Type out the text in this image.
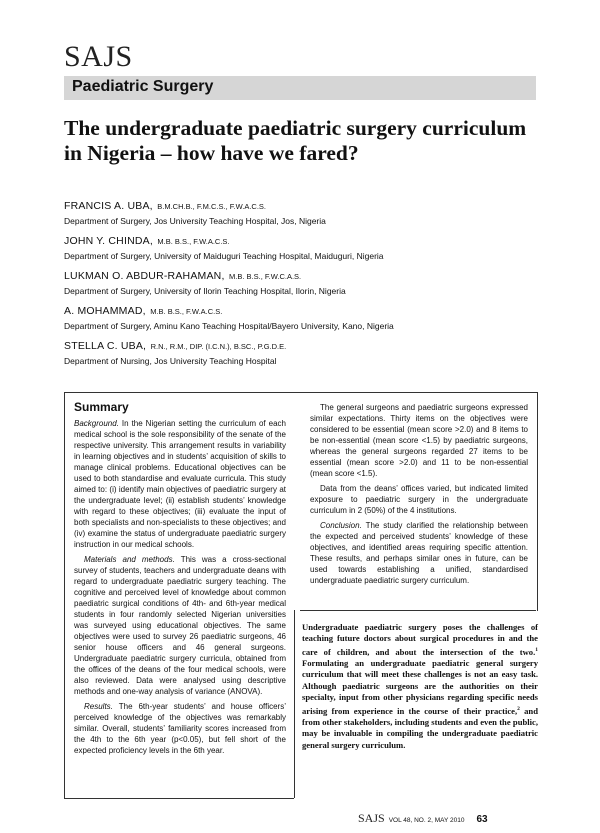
SAJS
Paediatric Surgery
The undergraduate paediatric surgery curriculum in Nigeria – how have we fared?
FRANCIS A. UBA, B.M.CH.B., F.M.C.S., F.W.A.C.S.
Department of Surgery, Jos University Teaching Hospital, Jos, Nigeria
JOHN Y. CHINDA, M.B. B.S., F.W.A.C.S.
Department of Surgery, University of Maiduguri Teaching Hospital, Maiduguri, Nigeria
LUKMAN O. ABDUR-RAHAMAN, M.B. B.S., F.W.C.A.S.
Department of Surgery, University of Ilorin Teaching Hospital, Ilorin, Nigeria
A. MOHAMMAD, M.B. B.S., F.W.A.C.S.
Department of Surgery, Aminu Kano Teaching Hospital/Bayero University, Kano, Nigeria
STELLA C. UBA, R.N., R.M., DIP. (I.C.N.), B.SC., P.G.D.E.
Department of Nursing, Jos University Teaching Hospital
Summary

Background. In the Nigerian setting the curriculum of each medical school is the sole responsibility of the senate of the respective university. This arrangement results in variability in learning objectives and in students’ acquisition of skills to manage clinical problems. Educational objectives can be used to both standardise and evaluate curricula. This study aimed to: (i) identify main objectives of paediatric surgery at the undergraduate level; (ii) establish students’ knowledge with regard to these objectives; (iii) evaluate the input of both specialists and non-specialists to these objectives; and (iv) examine the status of undergraduate paediatric surgery instruction in our medical schools.

Materials and methods. This was a cross-sectional survey of students, teachers and undergraduate deans with regard to undergraduate paediatric surgery teaching. The cognitive and perceived level of knowledge about common paediatric surgical conditions of 4th- and 6th-year medical students in four randomly selected Nigerian universities was surveyed using educational objectives. The same objectives were used to survey 26 paediatric surgeons, 46 senior house officers and 46 general surgeons. Undergraduate paediatric surgery curricula, obtained from the offices of the deans of the four medical schools, were also reviewed. Data were analysed using descriptive methods and one-way analysis of variance (ANOVA).

Results. The 6th-year students’ and house officers’ perceived knowledge of the objectives was remarkably similar. Overall, students’ familiarity scores increased from the 4th to the 6th year (p<0.05), but fell short of the expected proficiency levels in the 6th year.

The general surgeons and paediatric surgeons expressed similar expectations. Thirty items on the objectives were considered to be essential (mean score >2.0) and 8 items to be non-essential (mean score <1.5) by paediatric surgeons, whereas the general surgeons regarded 27 items to be essential (mean score >2.0) and 11 to be non-essential (mean score <1.5).

Data from the deans’ offices varied, but indicated limited exposure to paediatric surgery in the undergraduate curriculum in 2 (50%) of the 4 institutions.

Conclusion. The study clarified the relationship between the expected and perceived students’ knowledge of these objectives, and identified areas requiring specific attention. These results, and perhaps similar ones in future, can be used towards establishing a unified, standardised undergraduate paediatric surgery curriculum.

Undergraduate paediatric surgery poses the challenges of teaching future doctors about surgical procedures in and the care of children, and about the intersection of the two.$^1$ Formulating an undergraduate paediatric general surgery curriculum that will meet these challenges is not an easy task. Although paediatric surgeons are the authorities on their specialty, input from other physicians regarding specific needs arising from experience in the course of their practice,$^2$ and from other stakeholders, including students and even the public, may be invaluable in compiling the undergraduate paediatric general surgery curriculum.
SAJS VOL 48, NO. 2, MAY 2010 63
